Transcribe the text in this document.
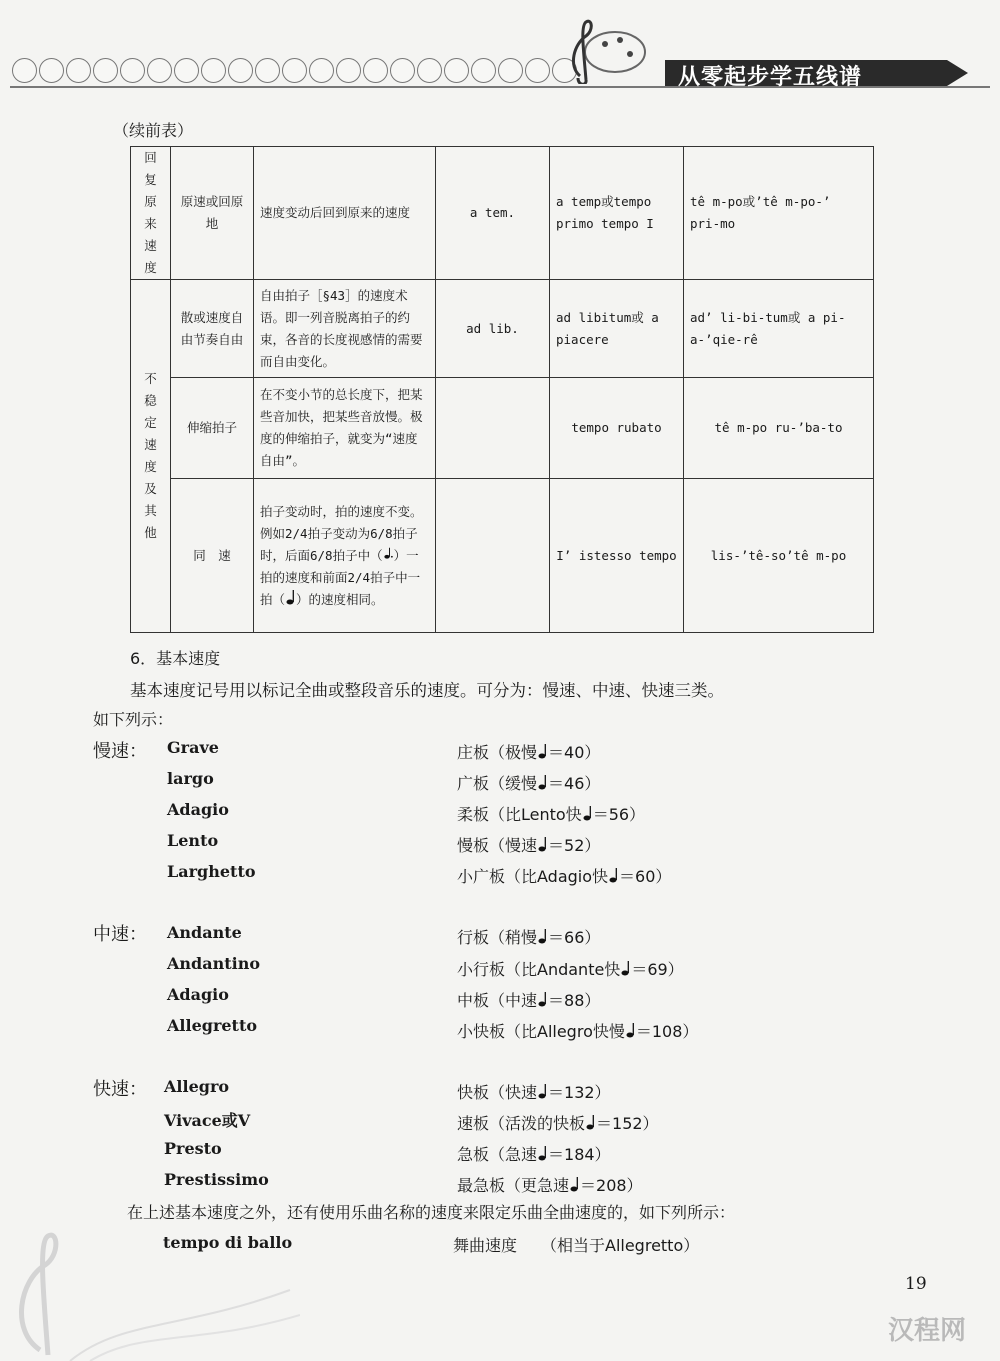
从零起步学五线谱
（续前表）
回复原来速度	原速或回原地	速度变动后回到原来的速度	a tem.	a temp或tempo primo tempo I	tê m-po或’tê m-po-’ pri-mo
不稳定速度及其他	散或速度自由节奏自由	自由拍子［§43］的速度术语。即一列音脱离拍子的约束，各音的长度视感情的需要而自由变化。	ad lib.	ad libitum或 a piacere	ad’ li-bi-tum或 a pi-a-’qie-rê
	伸缩拍子	在不变小节的总长度下，把某些音加快，把某些音放慢。极度的伸缩拍子，就变为“速度自由”。		tempo rubato	tê m-po ru-’ba-to
	同　速	拍子变动时，拍的速度不变。例如2/4拍子变动为6/8拍子时，后面6/8拍子中（ ）一拍的速度和前面2/4拍子中一拍（ ）的速度相同。		I’ istesso tempo	lis-’tê-so’tê m-po
6．基本速度
基本速度记号用以标记全曲或整段音乐的速度。可分为：慢速、中速、快速三类。
如下列示：
慢速： Grave	庄板（极慢 ＝40）
largo	广板（缓慢 ＝46）
Adagio	柔板（比Lento快 ＝56）
Lento	慢板（慢速 ＝52）
Larghetto	小广板（比Adagio快 ＝60）
Andante	行板（稍慢 ＝66）
Andantino	小行板（比Andante快 ＝69）
Adagio	中板（中速 ＝88）
Allegretto	小快板（比Allegro快慢 ＝108）
Allegro	快板（快速 ＝132）
Vivace或V	速板（活泼的快板 ＝152）
Presto	急板（急速 ＝184）
Prestissimo	最急板（更急速 ＝208）
中速：
快速：
在上述基本速度之外，还有使用乐曲名称的速度来限定乐曲全曲速度的，如下列所示：
tempo di ballo	舞曲速度　　（相当于Allegretto）
19
汉程网
